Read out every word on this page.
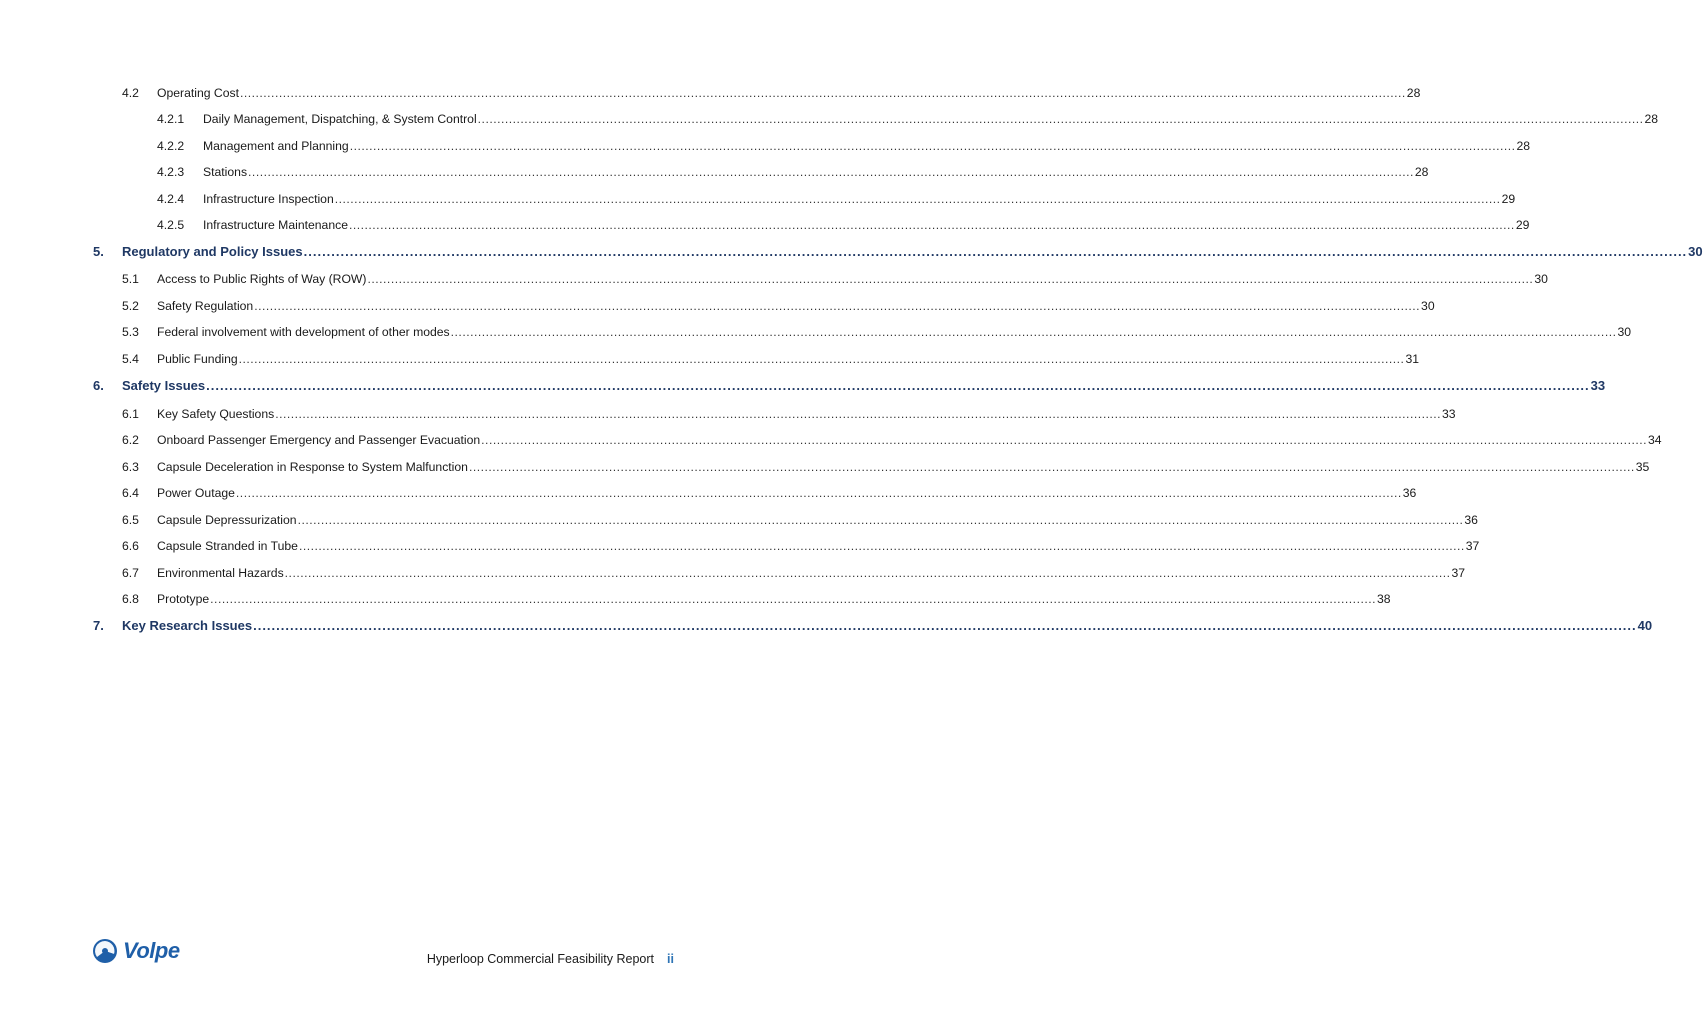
4.2	Operating Cost ............................................................................................................................................................................................................................................................................................................ 28
4.2.1	Daily Management, Dispatching, & System Control ............................................................................................................................................................................................................................................................................................................ 28
4.2.2	Management and Planning ............................................................................................................................................................................................................................................................................................................ 28
4.2.3	Stations ............................................................................................................................................................................................................................................................................................................ 28
4.2.4	Infrastructure Inspection ............................................................................................................................................................................................................................................................................................................ 29
4.2.5	Infrastructure Maintenance ............................................................................................................................................................................................................................................................................................................ 29
5.	Regulatory and Policy Issues ............................................................................................................................................................................................................................................................................................................ 30
5.1	Access to Public Rights of Way (ROW) ............................................................................................................................................................................................................................................................................................................ 30
5.2	Safety Regulation ............................................................................................................................................................................................................................................................................................................ 30
5.3	Federal involvement with development of other modes ............................................................................................................................................................................................................................................................................................................ 30
5.4	Public Funding ............................................................................................................................................................................................................................................................................................................ 31
6.	Safety Issues ............................................................................................................................................................................................................................................................................................................ 33
6.1	Key Safety Questions ............................................................................................................................................................................................................................................................................................................ 33
6.2	Onboard Passenger Emergency and Passenger Evacuation ............................................................................................................................................................................................................................................................................................................ 34
6.3	Capsule Deceleration in Response to System Malfunction ............................................................................................................................................................................................................................................................................................................ 35
6.4	Power Outage ............................................................................................................................................................................................................................................................................................................ 36
6.5	Capsule Depressurization ............................................................................................................................................................................................................................................................................................................ 36
6.6	Capsule Stranded in Tube ............................................................................................................................................................................................................................................................................................................ 37
6.7	Environmental Hazards ............................................................................................................................................................................................................................................................................................................ 37
6.8	Prototype ............................................................................................................................................................................................................................................................................................................ 38
7.	Key Research Issues ............................................................................................................................................................................................................................................................................................................ 40
Volpe	Hyperloop Commercial Feasibility Report ii
